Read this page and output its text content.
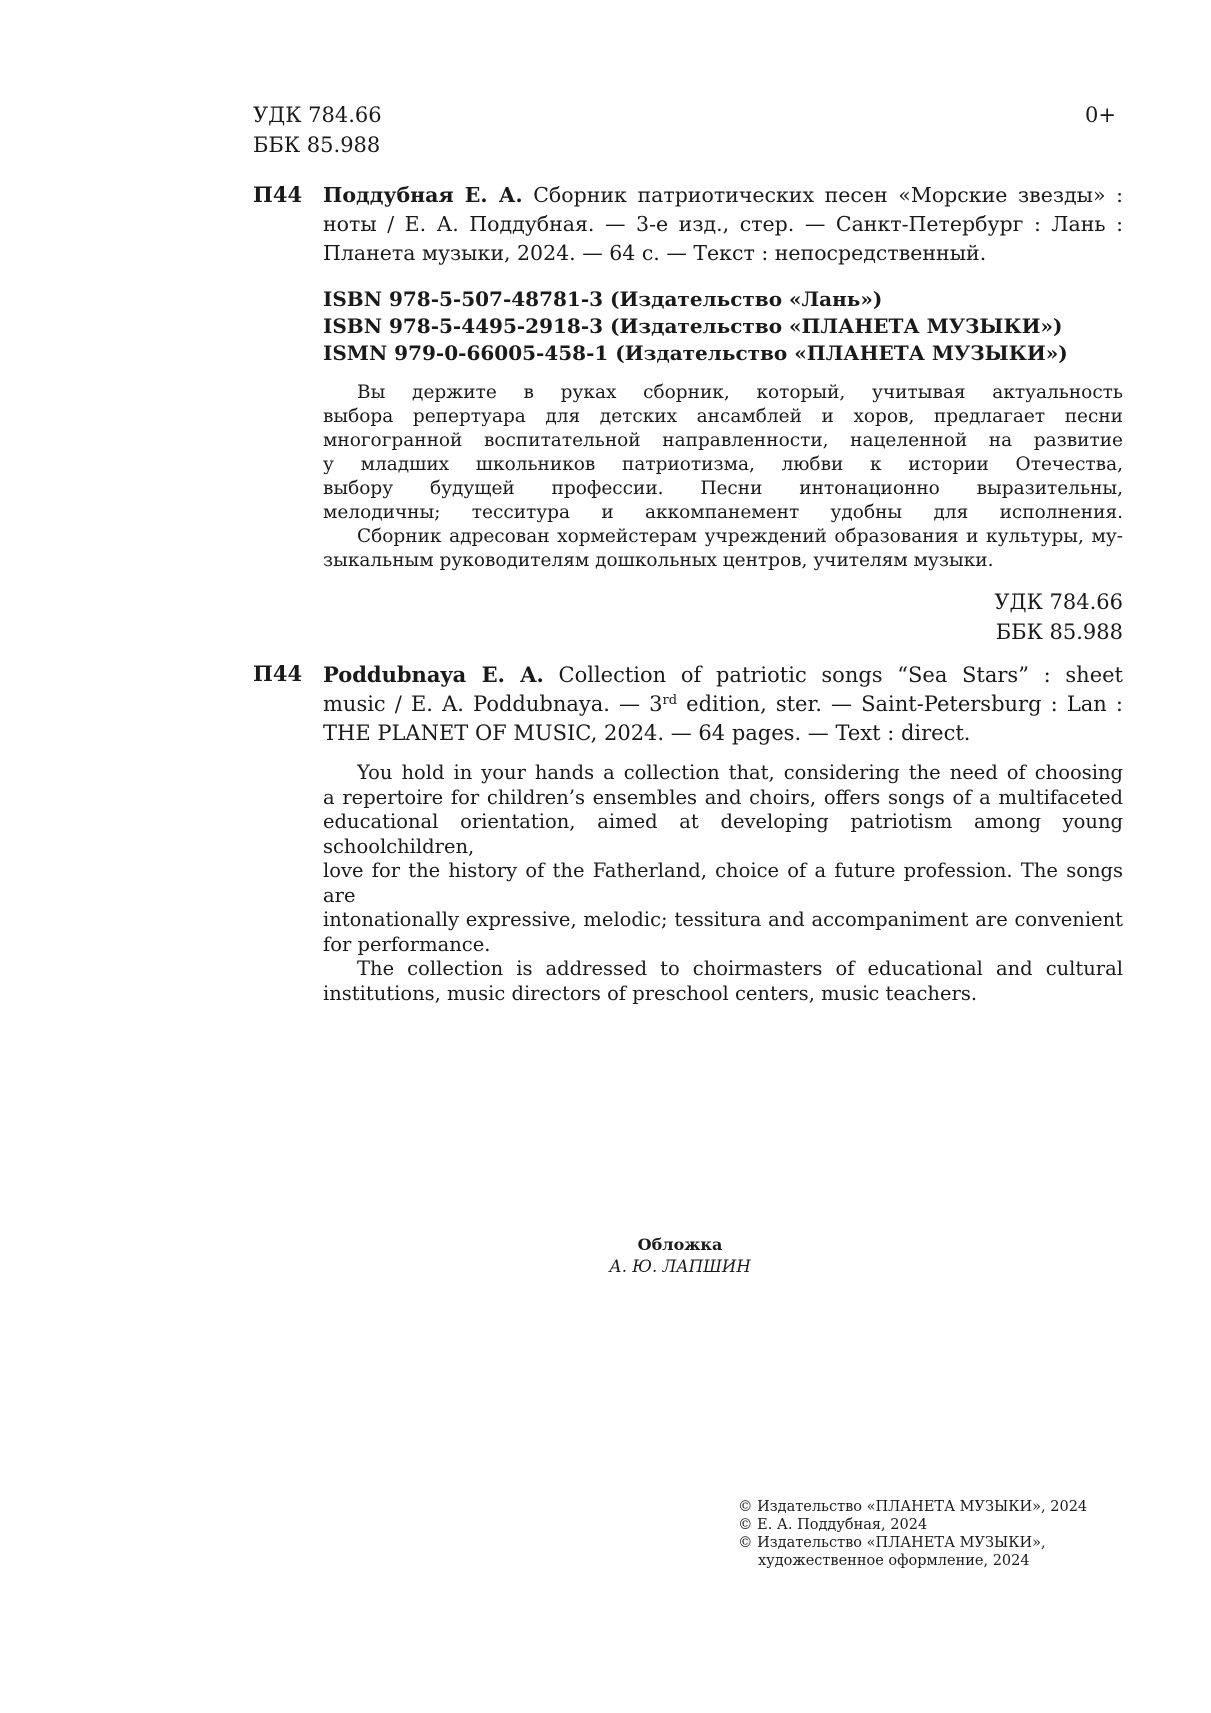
УДК 784.66
ББК 85.988
0+
П44 Поддубная Е. А. Сборник патриотических песен «Морские звезды» :

ноты / Е. А. Поддубная. — 3-е изд., стер. — Санкт-Петербург : Лань :

Планета музыки, 2024. — 64 с. — Текст : непосредственный.

ISBN 978-5-507-48781-3 (Издательство «Лань»)
ISBN 978-5-4495-2918-3 (Издательство «ПЛАНЕТА МУЗЫКИ»)
ISMN 979-0-66005-458-1 (Издательство «ПЛАНЕТА МУЗЫКИ»)

Вы держите в руках сборник, который, учитывая актуальность

выбора репертуара для детских ансамблей и хоров, предлагает песни

многогранной воспитательной направленности, нацеленной на развитие

у младших школьников патриотизма, любви к истории Отечества,

выбору будущей профессии. Песни интонационно выразительны,

мелодичны; тесситура и аккомпанемент удобны для исполнения.

Сборник адресован хормейстерам учреждений образования и культуры, му-

зыкальным руководителям дошкольных центров, учителям музыки.

УДК 784.66
ББК 85.988
П44 Poddubnaya E. A. Collection of patriotic songs “Sea Stars” : sheet

music / E. A. Poddubnaya. — 3rd edition, ster. — Saint-Petersburg : Lan :

THE PLANET OF MUSIC, 2024. — 64 pages. — Text : direct.

You hold in your hands a collection that, considering the need of choosing

a repertoire for children’s ensembles and choirs, offers songs of a multifaceted

educational orientation, aimed at developing patriotism among young schoolchildren,

love for the history of the Fatherland, choice of a future profession. The songs are

intonationally expressive, melodic; tessitura and accompaniment are convenient

for performance.

The collection is addressed to choirmasters of educational and cultural

institutions, music directors of preschool centers, music teachers.

Обложка
А. Ю. ЛАПШИН
© Издательство «ПЛАНЕТА МУЗЫКИ», 2024
© Е. А. Поддубная, 2024
© Издательство «ПЛАНЕТА МУЗЫКИ»,
художественное оформление, 2024
